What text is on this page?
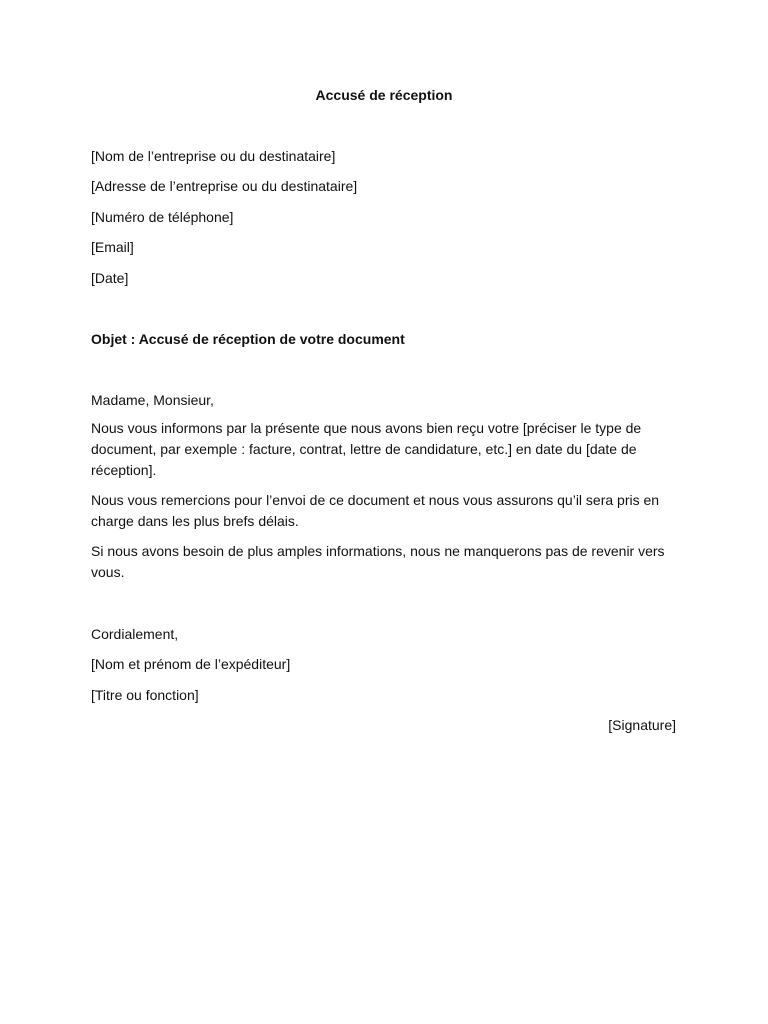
Accusé de réception
[Nom de l’entreprise ou du destinataire]
[Adresse de l’entreprise ou du destinataire]
[Numéro de téléphone]
[Email]
[Date]
Objet : Accusé de réception de votre document
Madame, Monsieur,
Nous vous informons par la présente que nous avons bien reçu votre [préciser le type de document, par exemple : facture, contrat, lettre de candidature, etc.] en date du [date de réception].
Nous vous remercions pour l’envoi de ce document et nous vous assurons qu’il sera pris en charge dans les plus brefs délais.
Si nous avons besoin de plus amples informations, nous ne manquerons pas de revenir vers vous.
Cordialement,
[Nom et prénom de l’expéditeur]
[Titre ou fonction]
[Signature]
